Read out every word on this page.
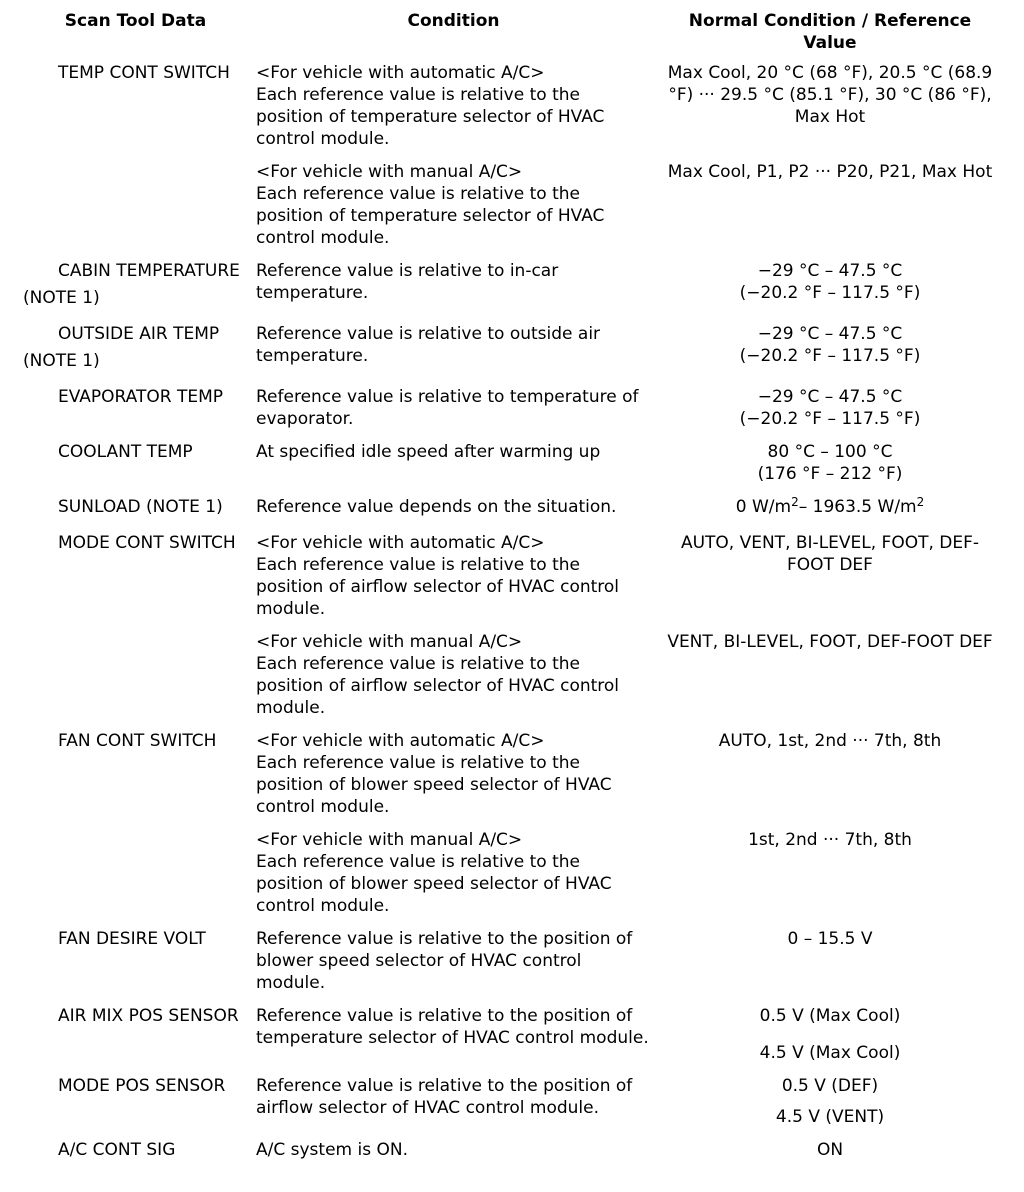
Scan Tool Data	Condition	Normal Condition / Reference Value
TEMP CONT SWITCH	<For vehicle with automatic A/C>
Each reference value is relative to the position of temperature selector of HVAC control module.	Max Cool, 20 °C (68 °F), 20.5 °C (68.9 °F) ··· 29.5 °C (85.1 °F), 30 °C (86 °F), Max Hot

	<For vehicle with manual A/C>
Each reference value is relative to the position of temperature selector of HVAC control module.	Max Cool, P1, P2 ··· P20, P21, Max Hot
CABIN TEMPERATURE (NOTE 1)	Reference value is relative to in-car temperature.	−29 °C – 47.5 °C
(−20.2 °F – 117.5 °F)

OUTSIDE AIR TEMP (NOTE 1)	Reference value is relative to outside air temperature.	−29 °C – 47.5 °C
(−20.2 °F – 117.5 °F)

EVAPORATOR TEMP	Reference value is relative to temperature of evaporator.	−29 °C – 47.5 °C
(−20.2 °F – 117.5 °F)

COOLANT TEMP	At specified idle speed after warming up	80 °C – 100 °C
(176 °F – 212 °F)

SUNLOAD (NOTE 1)	Reference value depends on the situation.	0 $W/m^2-$ 1963.5 $W/m^2$
MODE CONT SWITCH	<For vehicle with automatic A/C>
Each reference value is relative to the position of airflow selector of HVAC control module.	AUTO, VENT, BI-LEVEL, FOOT, DEF-FOOT DEF

	<For vehicle with manual A/C>
Each reference value is relative to the position of airflow selector of HVAC control module.	VENT, BI-LEVEL, FOOT, DEF-FOOT DEF
FAN CONT SWITCH	<For vehicle with automatic A/C>
Each reference value is relative to the position of blower speed selector of HVAC control module.	AUTO, 1st, 2nd ··· 7th, 8th

	<For vehicle with manual A/C>
Each reference value is relative to the position of blower speed selector of HVAC control module.	1st, 2nd ··· 7th, 8th
FAN DESIRE VOLT	Reference value is relative to the position of blower speed selector of HVAC control module.	0 – 15.5 V
AIR MIX POS SENSOR	Reference value is relative to the position of temperature selector of HVAC control module.	0.5 V (Max Cool)
4.5 V (Max Cool)

MODE POS SENSOR	Reference value is relative to the position of airflow selector of HVAC control module.	0.5 V (DEF)
4.5 V (VENT)

A/C CONT SIG	A/C system is ON.	ON
